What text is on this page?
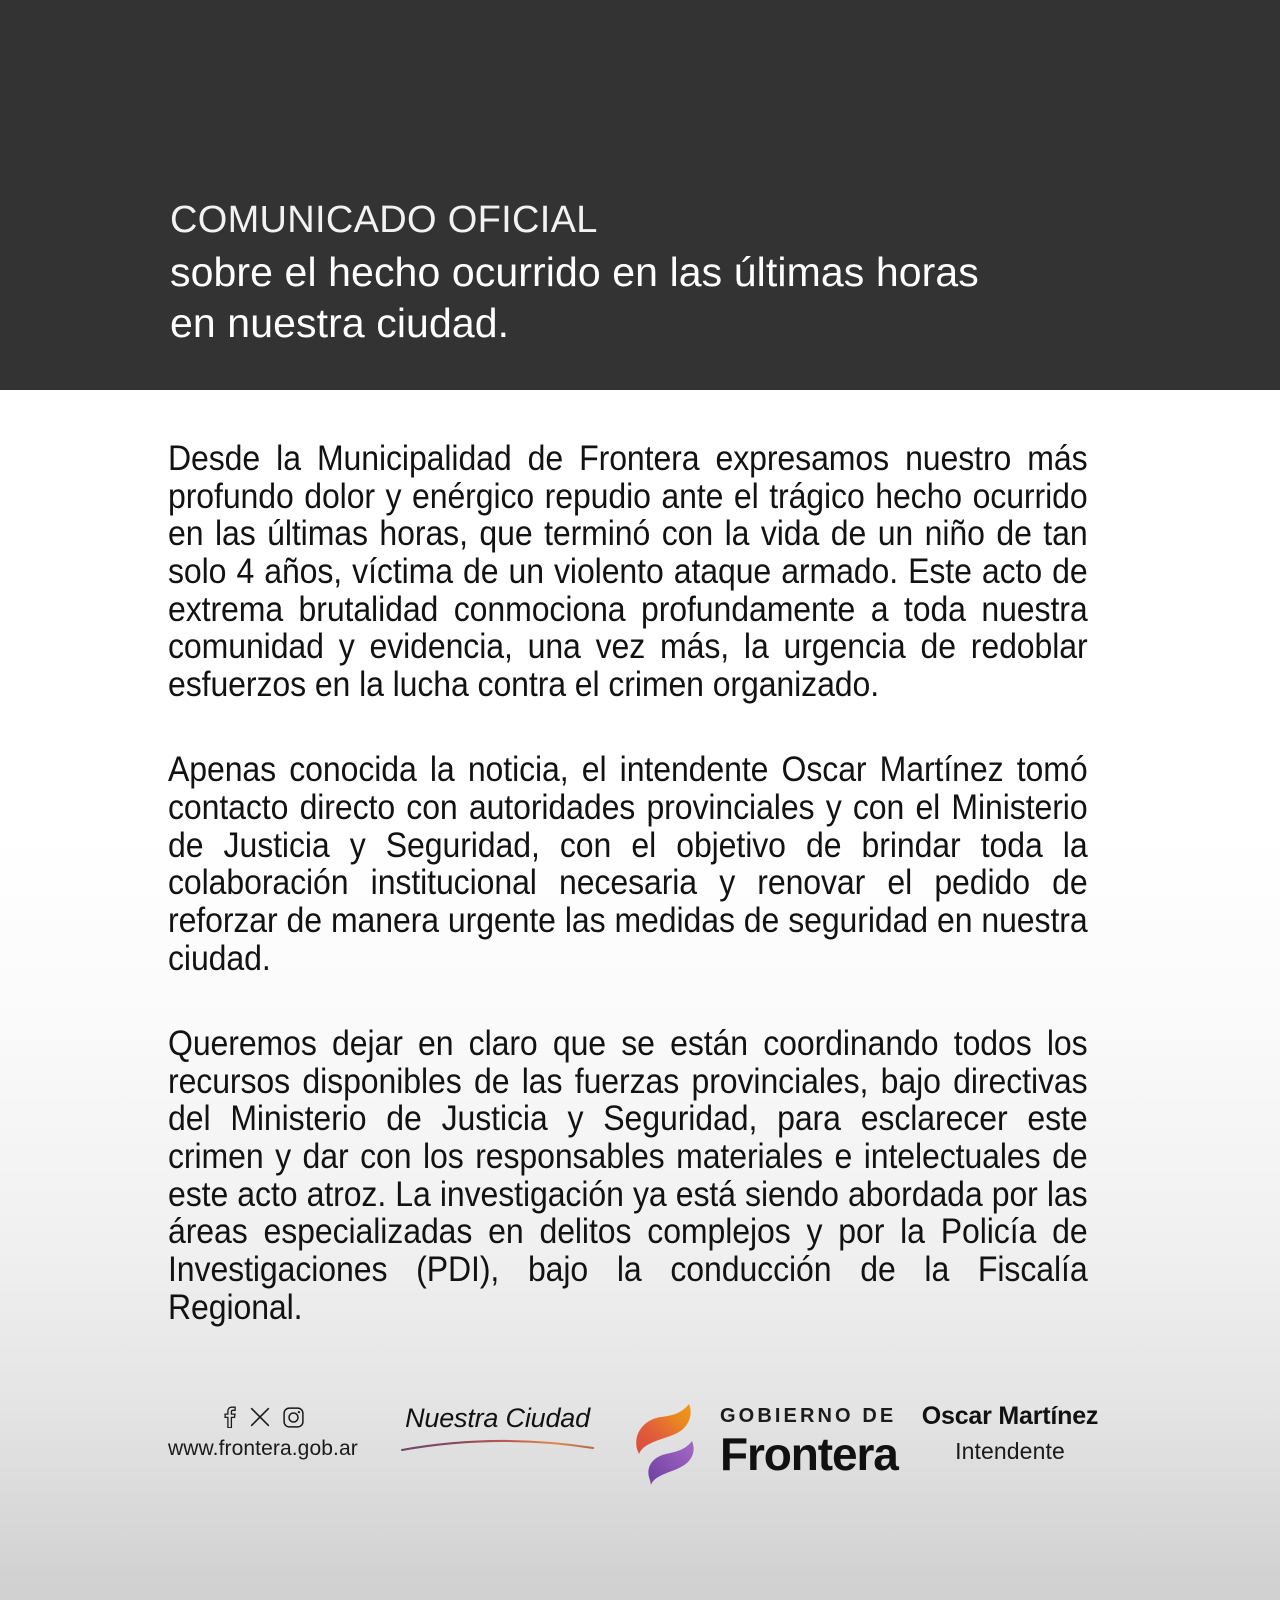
COMUNICADO OFICIAL
sobre el hecho ocurrido en las últimas horas
en nuestra ciudad.

Desde la Municipalidad de Frontera expresamos nuestro más profundo dolor y enérgico repudio ante el trágico hecho ocurrido en las últimas horas, que terminó con la vida de un niño de tan solo 4 años, víctima de un violento ataque armado. Este acto de extrema brutalidad conmociona profundamente a toda nuestra comunidad y evidencia, una vez más, la urgencia de redoblar esfuerzos en la lucha contra el crimen organizado.

Apenas conocida la noticia, el intendente Oscar Martínez tomó contacto directo con autoridades provinciales y con el Ministerio de Justicia y Seguridad, con el objetivo de brindar toda la colaboración institucional necesaria y renovar el pedido de reforzar de manera urgente las medidas de seguridad en nuestra ciudad.

Queremos dejar en claro que se están coordinando todos los recursos disponibles de las fuerzas provinciales, bajo directivas del Ministerio de Justicia y Seguridad, para esclarecer este crimen y dar con los responsables materiales e intelectuales de este acto atroz. La investigación ya está siendo abordada por las áreas especializadas en delitos complejos y por la Policía de Investigaciones (PDI), bajo la conducción de la Fiscalía Regional.

www.frontera.gob.ar
Nuestra Ciudad	GOBIERNO DE
Frontera
Oscar Martínez
Intendente
